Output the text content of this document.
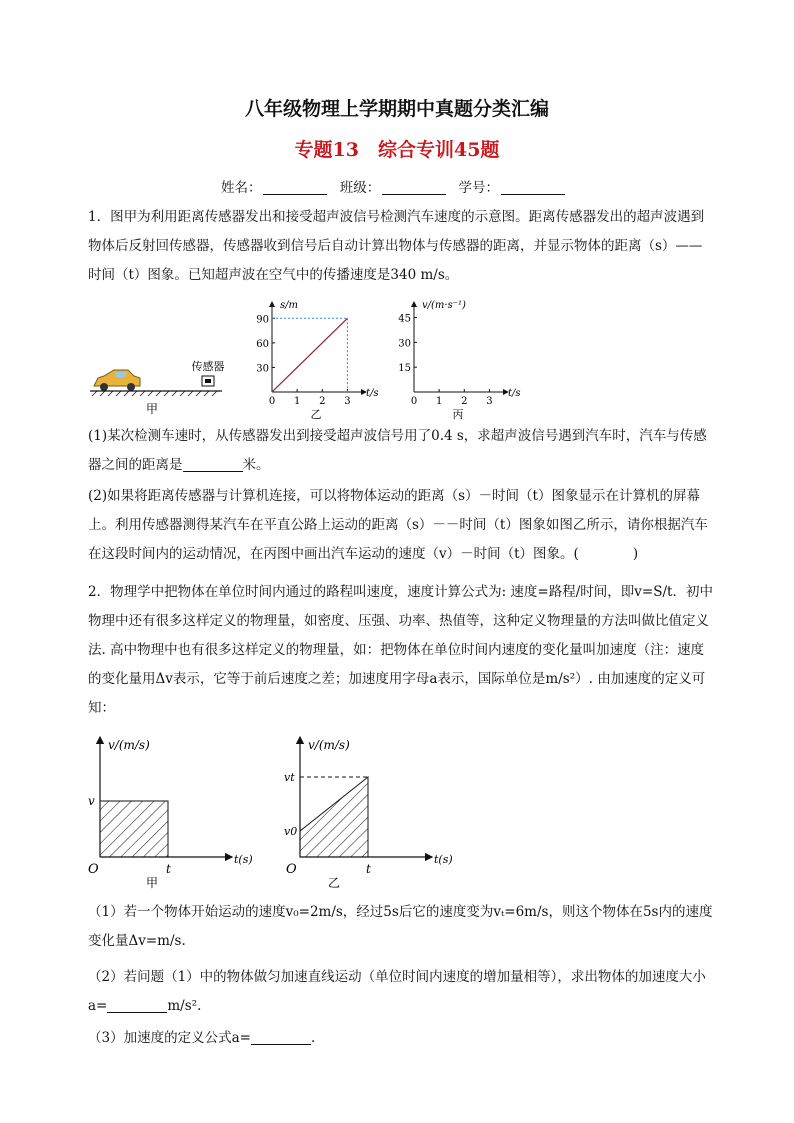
八年级物理上学期期中真题分类汇编
专题13　综合专训45题
姓名：	班级：	学号：
1．图甲为利用距离传感器发出和接受超声波信号检测汽车速度的示意图。距离传感器发出的超声波遇到物体后反射回传感器，传感器收到信号后自动计算出物体与传感器的距离，并显示物体的距离（s）——时间（t）图象。已知超声波在空气中的传播速度是340 m/s。
传感器
甲
s/m
t/s
0 1 2 3
30
60
90
乙
v/(m·s⁻¹)
t/s
0 1 2 3
15
30
45
丙
(1)某次检测车速时，从传感器发出到接受超声波信号用了0.4 s，求超声波信号遇到汽车时，汽车与传感器之间的距离是	米。
(2)如果将距离传感器与计算机连接，可以将物体运动的距离（s）－时间（t）图象显示在计算机的屏幕上。利用传感器测得某汽车在平直公路上运动的距离（s）－－时间（t）图象如图乙所示，请你根据汽车在这段时间内的运动情况，在丙图中画出汽车运动的速度（v）－时间（t）图象。(　　　　)
2．物理学中把物体在单位时间内通过的路程叫速度，速度计算公式为: 速度=路程/时间，即v=S/t．初中物理中还有很多这样定义的物理量，如密度、压强、功率、热值等，这种定义物理量的方法叫做比值定义法. 高中物理中也有很多这样定义的物理量，如：把物体在单位时间内速度的变化量叫加速度（注：速度的变化量用Δv表示，它等于前后速度之差；加速度用字母a表示，国际单位是m/s²）. 由加速度的定义可知：
v/(m/s)
t(s)
v
t
O
甲
v/(m/s)
t(s)
vt
v0
t
O
乙
（1）若一个物体开始运动的速度v₀=2m/s，经过5s后它的速度变为vₜ=6m/s，则这个物体在5s内的速度变化量Δv=m/s.
（2）若问题（1）中的物体做匀加速直线运动（单位时间内速度的增加量相等），求出物体的加速度大小a=	m/s².
（3）加速度的定义公式a=	.
